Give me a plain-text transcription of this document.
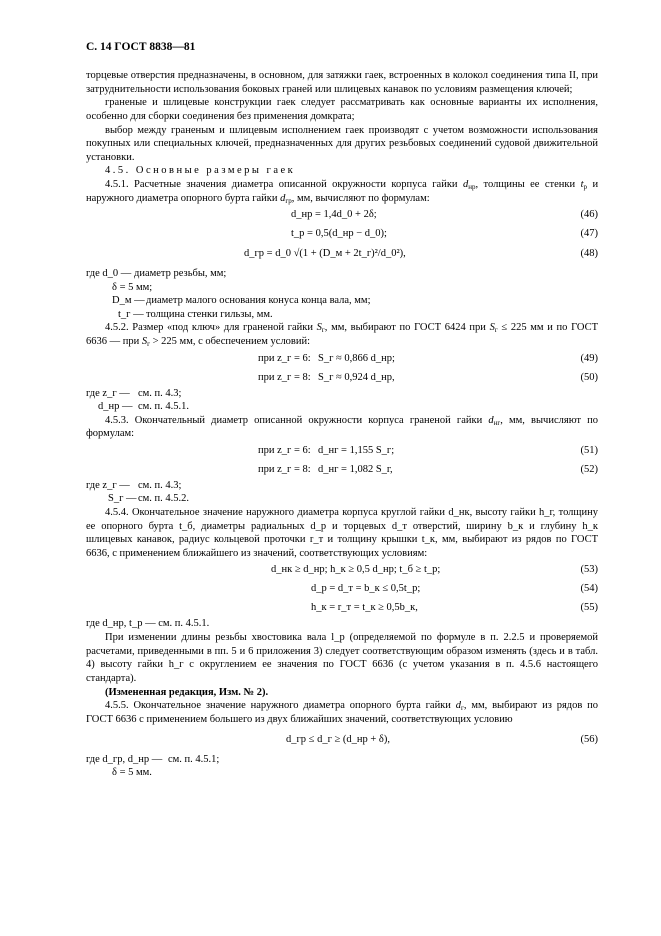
С. 14 ГОСТ 8838—81

торцевые отверстия предназначены, в основном, для затяжки гаек, встроенных в колокол соединения типа II, при затруднительности использования боковых граней или шлицевых канавок по условиям размещения ключей;

граненые и шлицевые конструкции гаек следует рассматривать как основные варианты их исполнения, особенно для сборки соединения без применения домкрата;

выбор между граненым и шлицевым исполнением гаек производят с учетом возможности использования покупных или специальных ключей, предназначенных для других резьбовых соединений судовой движительной установки.

4.5. Основные размеры гаек

4.5.1. Расчетные значения диаметра описанной окружности корпуса гайки $d_{нр}$, толщины ее стенки $t_р$ и наружного диаметра опорного бурта гайки $d_{гр}$, мм, вычисляют по формулам:

d_нр = 1,4d_0 + 2δ;	(46)
t_р = 0,5(d_нр − d_0);	(47)
d_гр = d_0 √(1 + (D_м + 2t_г)²/d_0²),	(48)
где d_0 — диаметр резьбы, мм;
δ = 5 мм;
D_м — диаметр малого основания конуса конца вала, мм;
t_г — толщина стенки гильзы, мм.

4.5.2. Размер «под ключ» для граненой гайки $S_г$, мм, выбирают по ГОСТ 6424 при $S_г \le 225$ мм и по ГОСТ 6636 — при $S_г > 225$ мм, с обеспечением условий:

при z_г = 6: S_г ≈ 0,866 d_нр;	(49)
при z_г = 8: S_г ≈ 0,924 d_нр,	(50)
где z_г — см. п. 4.3;
d_нр — см. п. 4.5.1.

4.5.3. Окончательный диаметр описанной окружности корпуса граненой гайки $d_{нг}$, мм, вычисляют по формулам:

при z_г = 6: d_нг = 1,155 S_г;	(51)
при z_г = 8: d_нг = 1,082 S_г,	(52)
где z_г — см. п. 4.3;
S_г — см. п. 4.5.2.

4.5.4. Окончательное значение наружного диаметра корпуса круглой гайки d_нк, высоту гайки h_г, толщину ее опорного бурта t_б, диаметры радиальных d_р и торцевых d_т отверстий, ширину b_к и глубину h_к шлицевых канавок, радиус кольцевой проточки r_т и толщину крышки t_к, мм, выбирают из рядов по ГОСТ 6636, с применением ближайшего из значений, соответствующих условиям:

d_нк ≥ d_нр; h_к ≥ 0,5 d_нр; t_б ≥ t_р;	(53)
d_р = d_т = b_к ≤ 0,5t_р;	(54)
h_к = r_т = t_к ≥ 0,5b_к,	(55)

где d_нр, t_р — см. п. 4.5.1.

При изменении длины резьбы хвостовика вала l_р (определяемой по формуле в п. 2.2.5 и проверяемой расчетами, приведенными в пп. 5 и 6 приложения 3) следует соответствующим образом изменять (здесь и в табл. 4) высоту гайки h_г с округлением ее значения по ГОСТ 6636 (с учетом указания в п. 4.5.6 настоящего стандарта).

(Измененная редакция, Изм. № 2).

4.5.5. Окончательное значение наружного диаметра опорного бурта гайки $d_г$, мм, выбирают из рядов по ГОСТ 6636 с применением большего из двух ближайших значений, соответствующих условию

d_гр ≤ d_г ≥ (d_нр + δ),	(56)
где d_гр, d_нр — см. п. 4.5.1;
δ = 5 мм.
